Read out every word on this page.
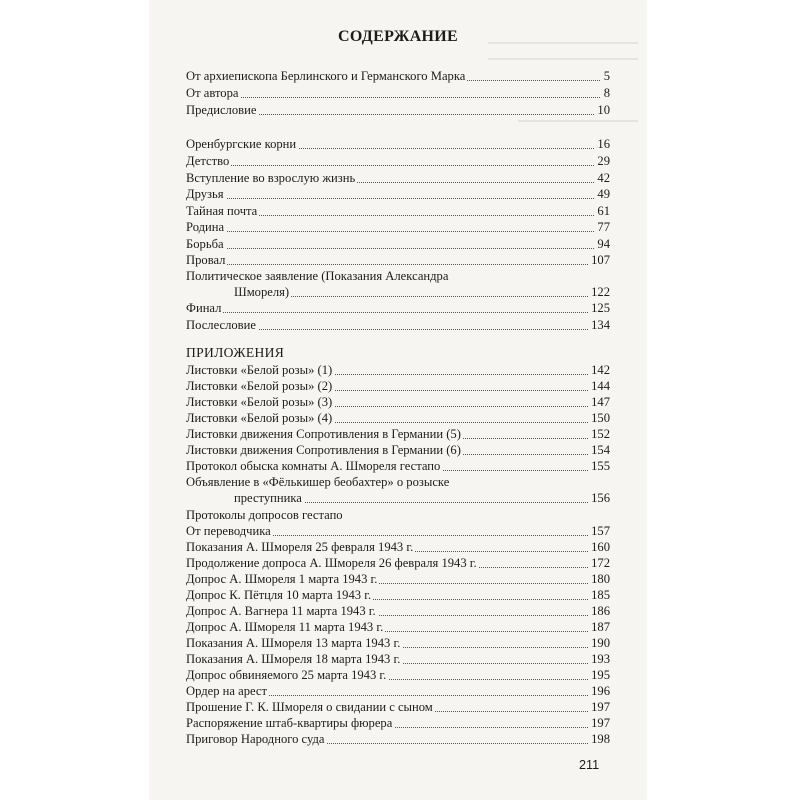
СОДЕРЖАНИЕ
От архиепископа Берлинского и Германского Марка	5
От автора	8
Предисловие	10
Оренбургские корни	16
Детство	29
Вступление во взрослую жизнь	42
Друзья	49
Тайная почта	61
Родина	77
Борьба	94
Провал	107
Политическое заявление (Показания Александра
Шмореля)	122
Финал	125
Послесловие	134
ПРИЛОЖЕНИЯ
Листовки «Белой розы» (1)	142
Листовки «Белой розы» (2)	144
Листовки «Белой розы» (3)	147
Листовки «Белой розы» (4)	150
Листовки движения Сопротивления в Германии (5)	152
Листовки движения Сопротивления в Германии (6)	154
Протокол обыска комнаты А. Шмореля гестапо	155
Объявление в «Фёлькишер беобахтер» о розыске
преступника	156
Протоколы допросов гестапо
От переводчика	157
Показания А. Шмореля 25 февраля 1943 г.	160
Продолжение допроса А. Шмореля 26 февраля 1943 г.	172
Допрос А. Шмореля 1 марта 1943 г.	180
Допрос К. Пётцля 10 марта 1943 г.	185
Допрос А. Вагнера 11 марта 1943 г.	186
Допрос А. Шмореля 11 марта 1943 г.	187
Показания А. Шмореля 13 марта 1943 г.	190
Показания А. Шмореля 18 марта 1943 г.	193
Допрос обвиняемого 25 марта 1943 г.	195
Ордер на арест	196
Прошение Г. К. Шмореля о свидании с сыном	197
Распоряжение штаб-квартиры фюрера	197
Приговор Народного суда	198
211
